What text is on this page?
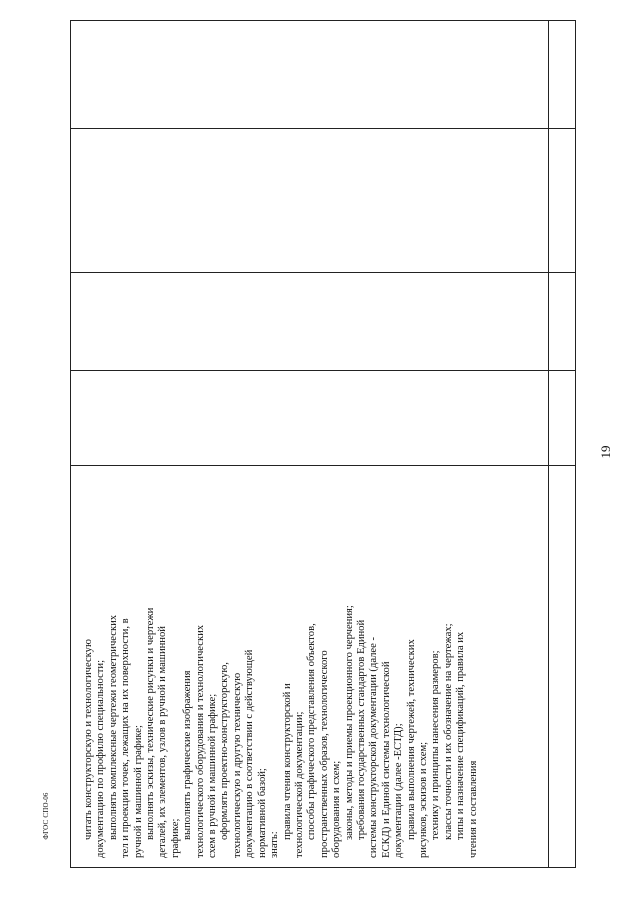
19
читать конструкторскую и технологическую документацию по профилю специальности; выполнять комплексные чертежи геометрических тел и проекции точек, лежащих на их поверхности, в ручной и машинной графике; выполнять эскизы, технические рисунки и чертежи деталей, их элементов, узлов в ручной и машинной графике; выполнять графические изображения технологического оборудования и технологических схем в ручной и машинной графике; оформлять проектно-конструкторскую, технологическую и другую техническую документацию в соответствии с действующей нормативной базой; знать:
правила чтения конструкторской и технологической документации; способы графического представления объектов, пространственных образов, технологического оборудования и схем; законы, методы и приемы проекционного черчения; требования государственных стандартов Единой системы конструкторской документации (далее - ЕСКД) и Единой системы технологической документации (далее -ЕСТД); правила выполнения чертежей, технических рисунков, эскизов и схем; технику и принципы нанесения размеров; классы точности и их обозначение на чертежах; типы и назначение спецификаций, правила их чтения и составления
ФГОС СПО-06
